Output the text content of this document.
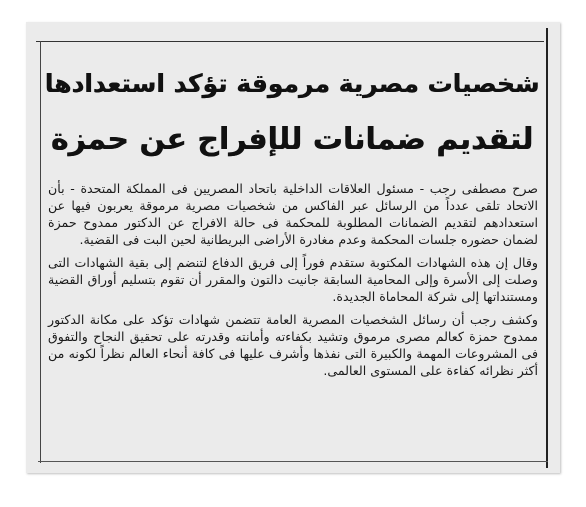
شخصيات مصرية مرموقة تؤكد استعدادها
لتقديم ضمانات للإفراج عن حمزة

صرح مصطفى رجب - مسئول العلاقات الداخلية باتحاد المصريين فى المملكة المتحدة - بأن الاتحاد تلقى عدداً من الرسائل عبر الفاكس من شخصيات مصرية مرموقة يعربون فيها عن استعدادهم لتقديم الضمانات المطلوبة للمحكمة فى حالة الافراج عن الدكتور ممدوح حمزة لضمان حضوره جلسات المحكمة وعدم مغادرة الأراضى البريطانية لحين البت فى القضية.

وقال إن هذه الشهادات المكتوبة ستقدم فوراً إلى فريق الدفاع لتنضم إلى بقية الشهادات التى وصلت إلى الأسرة وإلى المحامية السابقة جانيت دالتون والمقرر أن تقوم بتسليم أوراق القضية ومستنداتها إلى شركة المحاماة الجديدة.

وكشف رجب أن رسائل الشخصيات المصرية العامة تتضمن شهادات تؤكد على مكانة الدكتور ممدوح حمزة كعالم مصرى مرموق وتشيد بكفاءته وأمانته وقدرته على تحقيق النجاح والتفوق فى المشروعات المهمة والكبيرة التى نفذها وأشرف عليها فى كافة أنحاء العالم نظراً لكونه من أكثر نظرائه كفاءة على المستوى العالمى.
